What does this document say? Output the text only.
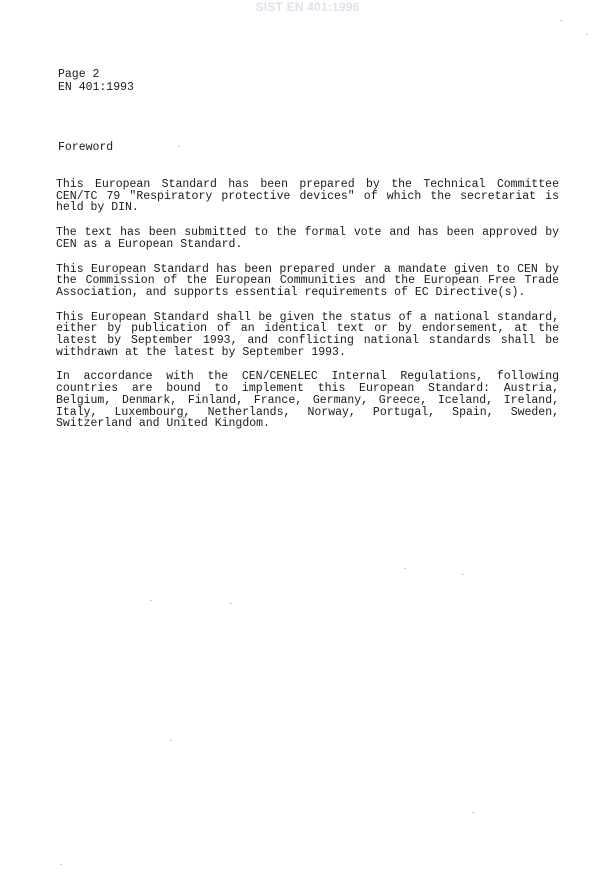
SIST EN 401:1996
Page 2
EN 401:1993
Foreword

This European Standard has been prepared by the Technical Committee CEN/TC 79 "Respiratory protective devices" of which the secretariat is held by DIN.

The text has been submitted to the formal vote and has been approved by CEN as a European Standard.

This European Standard has been prepared under a mandate given to CEN by the Commission of the European Communities and the European Free Trade Association, and supports essential requirements of EC Directive(s).

This European Standard shall be given the status of a national standard, either by publication of an identical text or by endorsement, at the latest by September 1993, and conflicting national standards shall be withdrawn at the latest by September 1993.

In accordance with the CEN/CENELEC Internal Regulations, following countries are bound to implement this European Standard: Austria, Belgium, Denmark, Finland, France, Germany, Greece, Iceland, Ireland, Italy, Luxembourg, Netherlands, Norway, Portugal, Spain, Sweden, Switzerland and United Kingdom.
